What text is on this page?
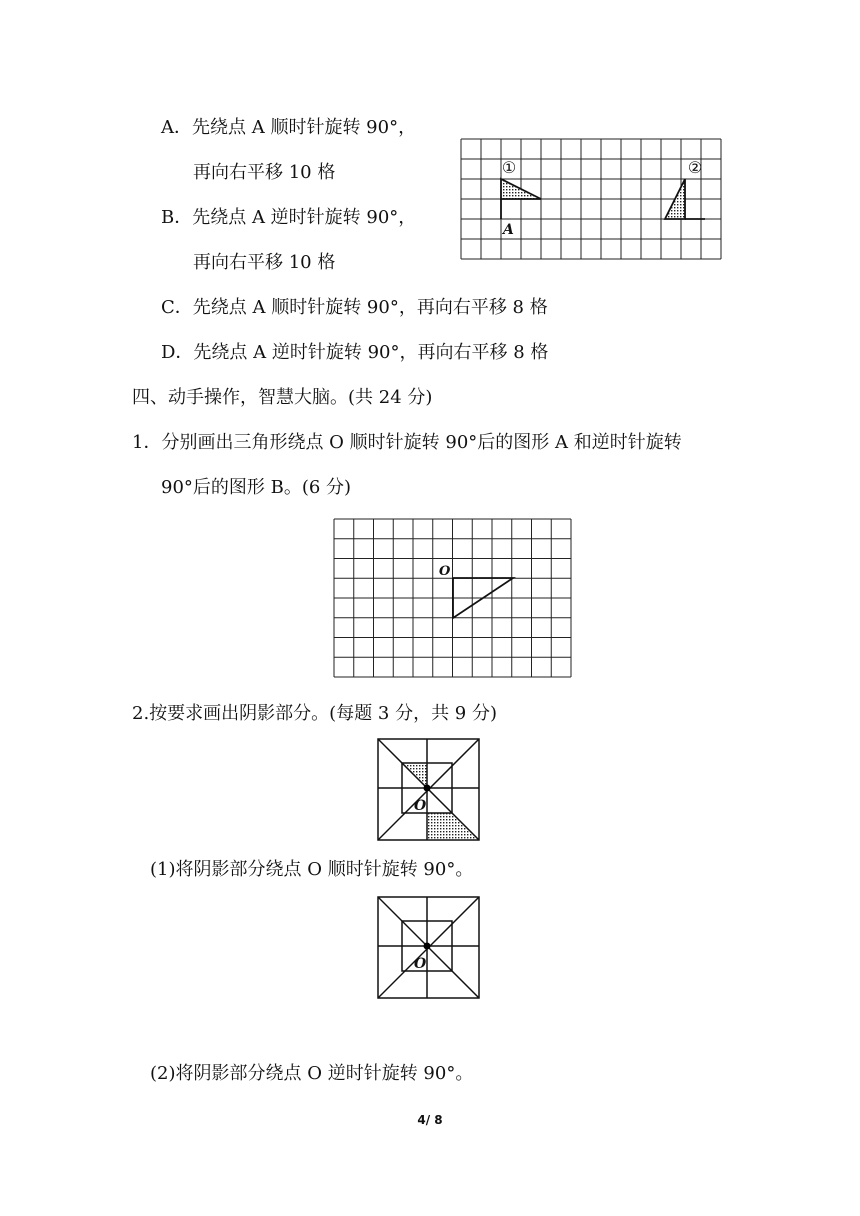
A．先绕点 A 顺时针旋转 90°，
再向右平移 10 格
B．先绕点 A 逆时针旋转 90°，
再向右平移 10 格
C．先绕点 A 顺时针旋转 90°，再向右平移 8 格
D．先绕点 A 逆时针旋转 90°，再向右平移 8 格
①	②
A
四、动手操作，智慧大脑。(共 24 分)
1．分别画出三角形绕点 O 顺时针旋转 90°后的图形 A 和逆时针旋转
90°后的图形 B。(6 分)
O
2.按要求画出阴影部分。(每题 3 分，共 9 分)
O
(1)将阴影部分绕点 O 顺时针旋转 90°。
O
(2)将阴影部分绕点 O 逆时针旋转 90°。
4/ 8
